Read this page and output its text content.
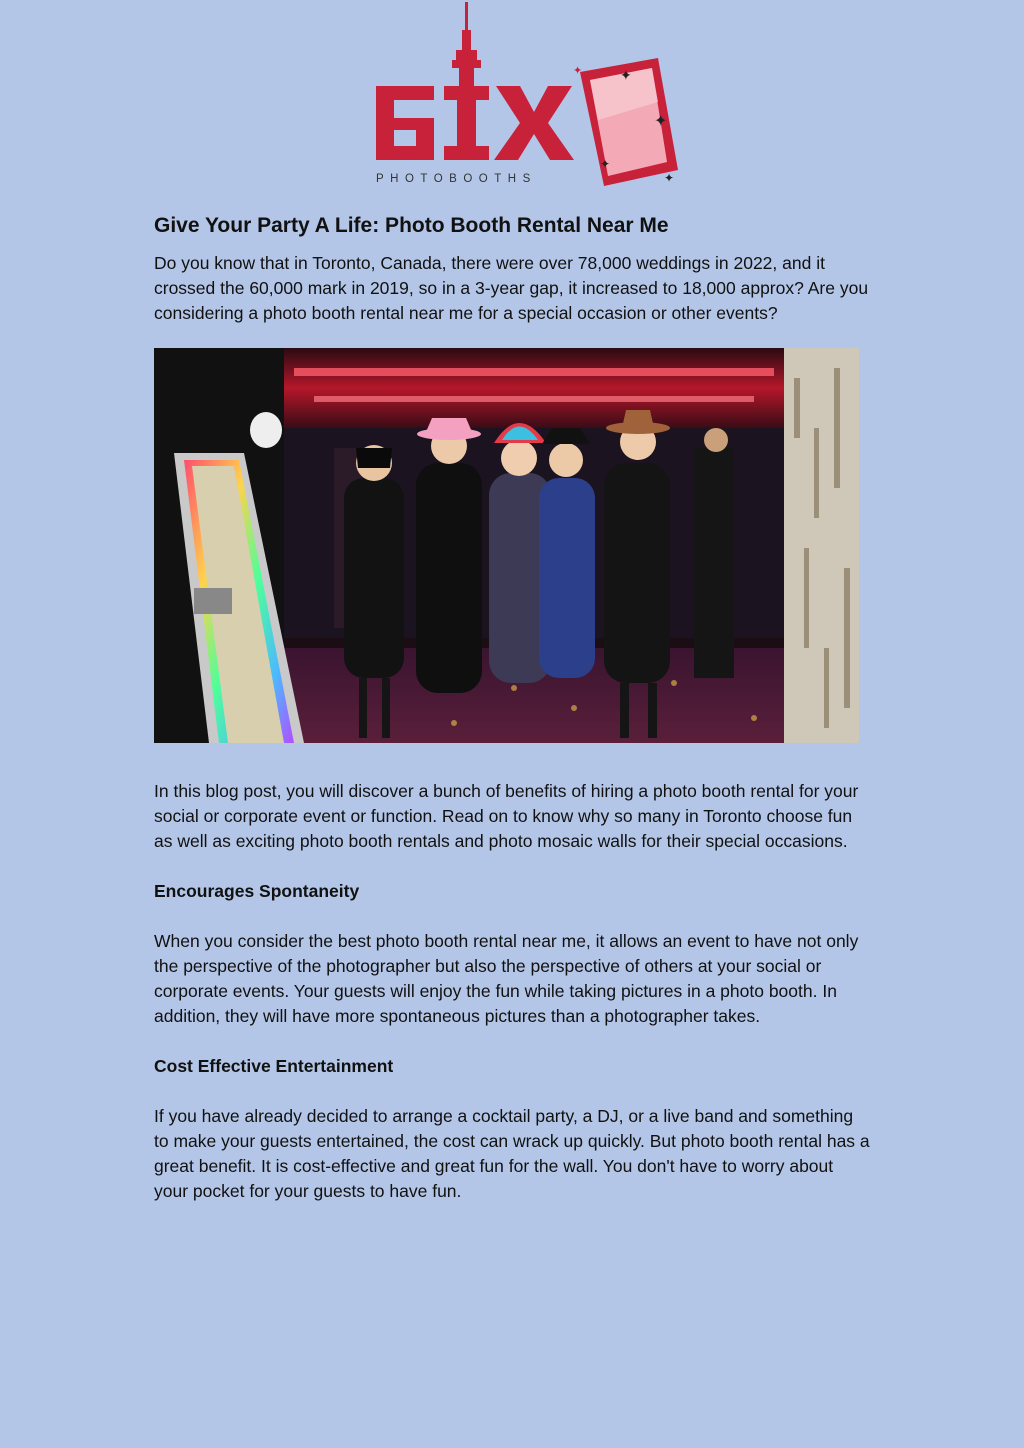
✦
✦
✦
✦
✦
PHOTOBOOTHS
Give Your Party A Life: Photo Booth Rental Near Me

Do you know that in Toronto, Canada, there were over 78,000 weddings in 2022, and it crossed the 60,000 mark in 2019, so in a 3-year gap, it increased to 18,000 approx? Are you considering a photo booth rental near me for a special occasion or other events?

In this blog post, you will discover a bunch of benefits of hiring a photo booth rental for your social or corporate event or function. Read on to know why so many in Toronto choose fun as well as exciting photo booth rentals and photo mosaic walls for their special occasions.

Encourages Spontaneity

When you consider the best photo booth rental near me, it allows an event to have not only the perspective of the photographer but also the perspective of others at your social or corporate events. Your guests will enjoy the fun while taking pictures in a photo booth. In addition, they will have more spontaneous pictures than a photographer takes.

Cost Effective Entertainment

If you have already decided to arrange a cocktail party, a DJ, or a live band and something to make your guests entertained, the cost can wrack up quickly. But photo booth rental has a great benefit. It is cost-effective and great fun for the wall. You don't have to worry about your pocket for your guests to have fun.
